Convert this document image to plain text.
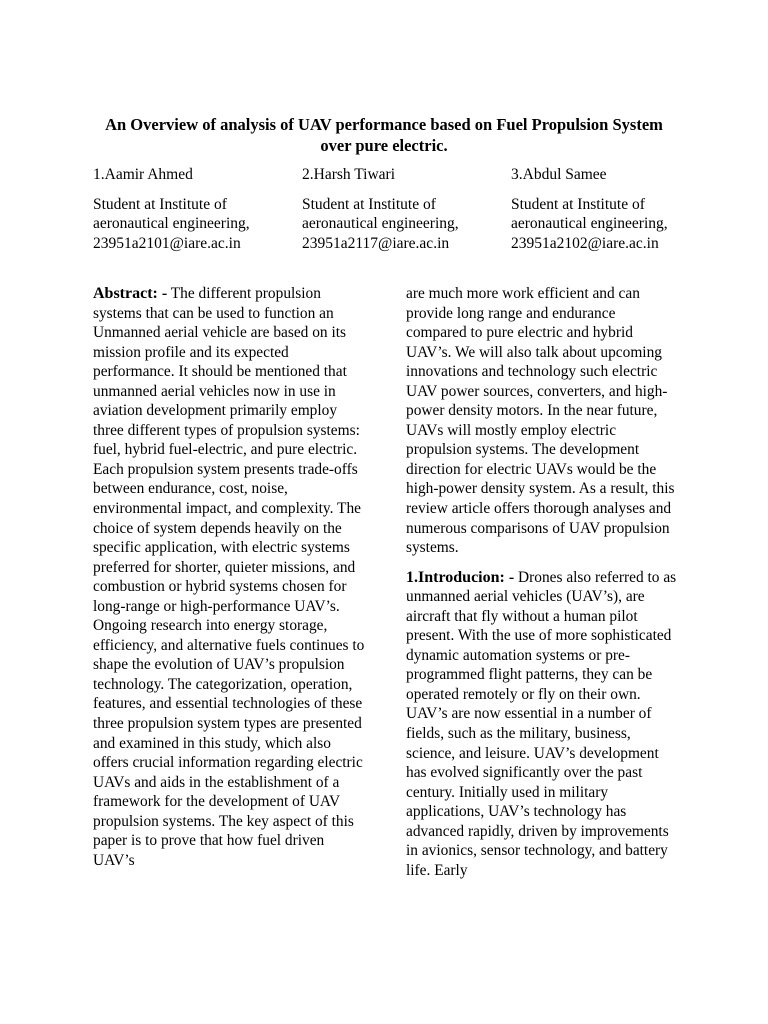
An Overview of analysis of UAV performance based on Fuel Propulsion System over pure electric.
1.Aamir Ahmed
Student at Institute of aeronautical engineering,
23951a2101@iare.ac.in
2.Harsh Tiwari
Student at Institute of aeronautical engineering,
23951a2117@iare.ac.in
3.Abdul Samee
Student at Institute of aeronautical engineering,
23951a2102@iare.ac.in

Abstract: - The different propulsion systems that can be used to function an Unmanned aerial vehicle are based on its mission profile and its expected performance. It should be mentioned that unmanned aerial vehicles now in use in aviation development primarily employ three different types of propulsion systems: fuel, hybrid fuel-electric, and pure electric. Each propulsion system presents trade-offs between endurance, cost, noise, environmental impact, and complexity. The choice of system depends heavily on the specific application, with electric systems preferred for shorter, quieter missions, and combustion or hybrid systems chosen for long-range or high-performance UAV’s. Ongoing research into energy storage, efficiency, and alternative fuels continues to shape the evolution of UAV’s propulsion technology. The categorization, operation, features, and essential technologies of these three propulsion system types are presented and examined in this study, which also offers crucial information regarding electric UAVs and aids in the establishment of a framework for the development of UAV propulsion systems. The key aspect of this paper is to prove that how fuel driven UAV’s

are much more work efficient and can provide long range and endurance compared to pure electric and hybrid UAV’s. We will also talk about upcoming innovations and technology such electric UAV power sources, converters, and high-power density motors. In the near future, UAVs will mostly employ electric propulsion systems. The development direction for electric UAVs would be the high-power density system. As a result, this review article offers thorough analyses and numerous comparisons of UAV propulsion systems.

1.Introducion: - Drones also referred to as unmanned aerial vehicles (UAV’s), are aircraft that fly without a human pilot present. With the use of more sophisticated dynamic automation systems or pre-programmed flight patterns, they can be operated remotely or fly on their own. UAV’s are now essential in a number of fields, such as the military, business, science, and leisure. UAV’s development has evolved significantly over the past century. Initially used in military applications, UAV’s technology has advanced rapidly, driven by improvements in avionics, sensor technology, and battery life. Early
